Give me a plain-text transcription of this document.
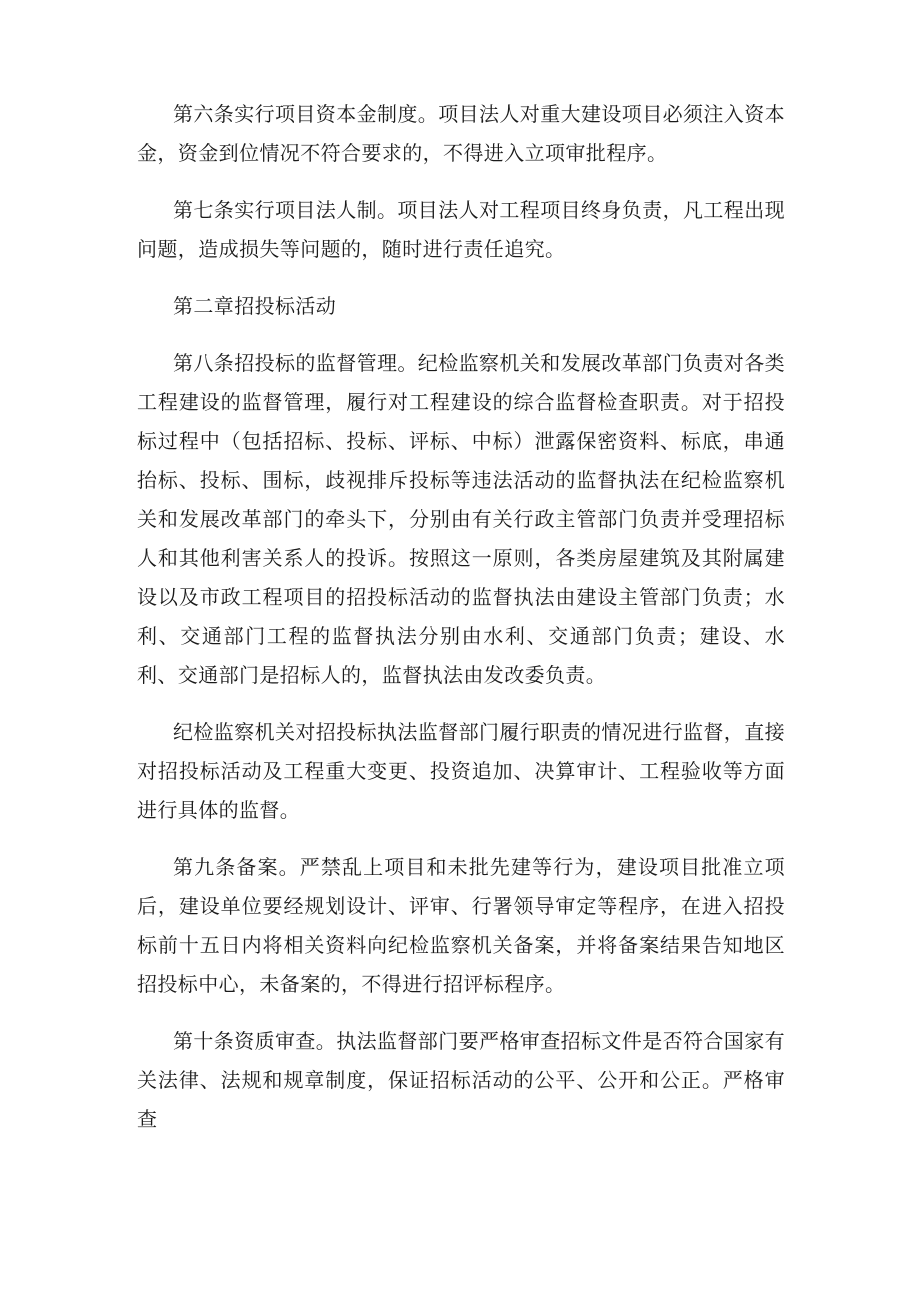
第六条实行项目资本金制度。项目法人对重大建设项目必须注入资本金，资金到位情况不符合要求的，不得进入立项审批程序。

第七条实行项目法人制。项目法人对工程项目终身负责，凡工程出现问题，造成损失等问题的，随时进行责任追究。

第二章招投标活动

第八条招投标的监督管理。纪检监察机关和发展改革部门负责对各类工程建设的监督管理，履行对工程建设的综合监督检查职责。对于招投标过程中（包括招标、投标、评标、中标）泄露保密资料、标底，串通抬标、投标、围标，歧视排斥投标等违法活动的监督执法在纪检监察机关和发展改革部门的牵头下，分别由有关行政主管部门负责并受理招标人和其他利害关系人的投诉。按照这一原则，各类房屋建筑及其附属建设以及市政工程项目的招投标活动的监督执法由建设主管部门负责；水利、交通部门工程的监督执法分别由水利、交通部门负责；建设、水利、交通部门是招标人的，监督执法由发改委负责。

纪检监察机关对招投标执法监督部门履行职责的情况进行监督，直接对招投标活动及工程重大变更、投资追加、决算审计、工程验收等方面进行具体的监督。

第九条备案。严禁乱上项目和未批先建等行为，建设项目批准立项后，建设单位要经规划设计、评审、行署领导审定等程序，在进入招投标前十五日内将相关资料向纪检监察机关备案，并将备案结果告知地区招投标中心，未备案的，不得进行招评标程序。

第十条资质审查。执法监督部门要严格审查招标文件是否符合国家有关法律、法规和规章制度，保证招标活动的公平、公开和公正。严格审查
